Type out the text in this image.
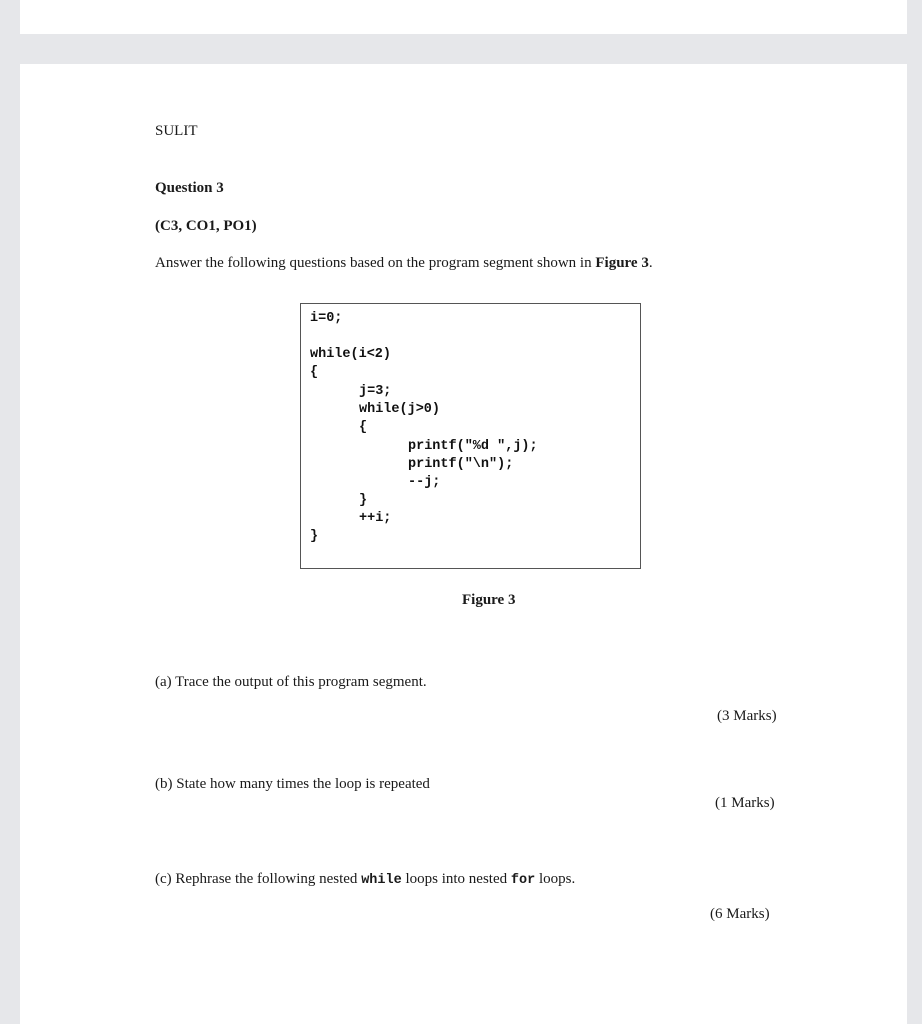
SULIT
Question 3
(C3, CO1, PO1)
Answer the following questions based on the program segment shown in Figure 3.
i=0;
while(i<2)
{
j=3;
while(j>0)
{
printf("%d ",j);
printf("\n");
--j;
}
++i;
}
Figure 3
(a) Trace the output of this program segment.
(3 Marks)
(b) State how many times the loop is repeated
(1 Marks)
(c) Rephrase the following nested while loops into nested for loops.
(6 Marks)
